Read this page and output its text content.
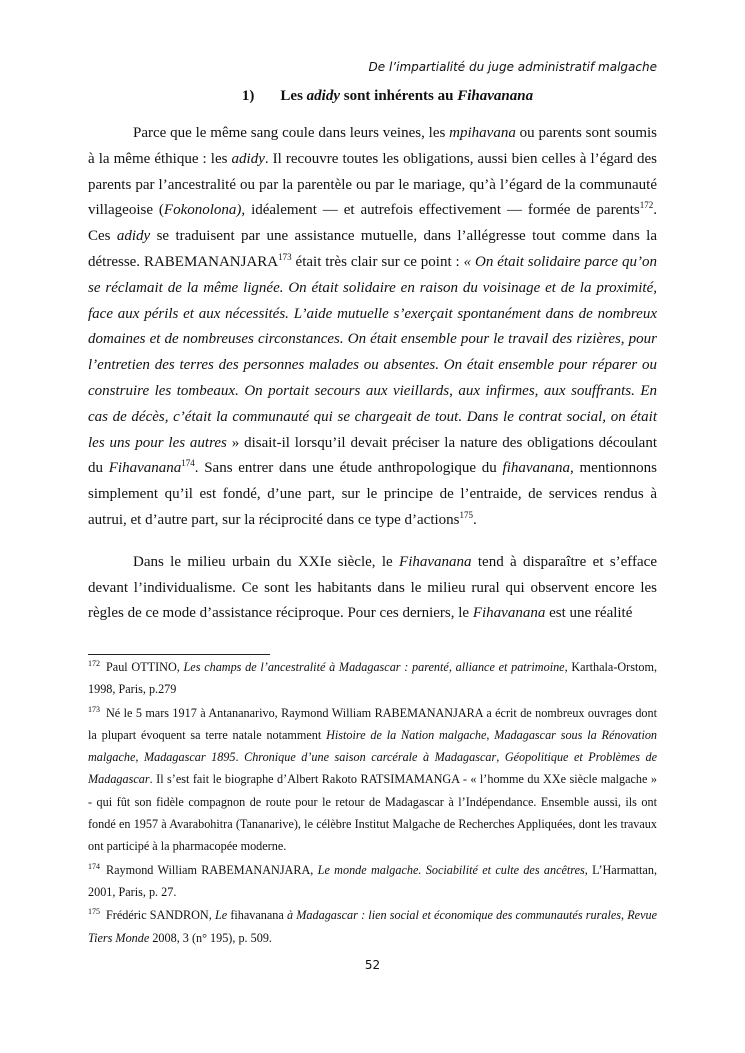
De l’impartialité du juge administratif malgache
1) Les adidy sont inhérents au Fihavanana

Parce que le même sang coule dans leurs veines, les mpihavana ou parents sont soumis à la même éthique : les adidy. Il recouvre toutes les obligations, aussi bien celles à l’égard des parents par l’ancestralité ou par la parentèle ou par le mariage, qu’à l’égard de la communauté villageoise (Fokonolona), idéalement — et autrefois effectivement — formée de parents$^{172}$. Ces adidy se traduisent par une assistance mutuelle, dans l’allégresse tout comme dans la détresse. RABEMANANJARA$^{173}$ était très clair sur ce point : « On était solidaire parce qu’on se réclamait de la même lignée. On était solidaire en raison du voisinage et de la proximité, face aux périls et aux nécessités. L’aide mutuelle s’exerçait spontanément dans de nombreux domaines et de nombreuses circonstances. On était ensemble pour le travail des rizières, pour l’entretien des terres des personnes malades ou absentes. On était ensemble pour réparer ou construire les tombeaux. On portait secours aux vieillards, aux infirmes, aux souffrants. En cas de décès, c’était la communauté qui se chargeait de tout. Dans le contrat social, on était les uns pour les autres » disait-il lorsqu’il devait préciser la nature des obligations découlant du Fihavanana$^{174}$. Sans entrer dans une étude anthropologique du fihavanana, mentionnons simplement qu’il est fondé, d’une part, sur le principe de l’entraide, de services rendus à autrui, et d’autre part, sur la réciprocité dans ce type d’actions$^{175}$.

Dans le milieu urbain du XXIe siècle, le Fihavanana tend à disparaître et s’efface devant l’individualisme. Ce sont les habitants dans le milieu rural qui observent encore les règles de ce mode d’assistance réciproque. Pour ces derniers, le Fihavanana est une réalité

$^{172}$ Paul OTTINO, Les champs de l’ancestralité à Madagascar : parenté, alliance et patrimoine, Karthala-Orstom, 1998, Paris, p.279

$^{173}$ Né le 5 mars 1917 à Antananarivo, Raymond William RABEMANANJARA a écrit de nombreux ouvrages dont la plupart évoquent sa terre natale notamment Histoire de la Nation malgache, Madagascar sous la Rénovation malgache, Madagascar 1895. Chronique d’une saison carcérale à Madagascar, Géopolitique et Problèmes de Madagascar. Il s’est fait le biographe d’Albert Rakoto RATSIMAMANGA - « l’homme du XXe siècle malgache » - qui fût son fidèle compagnon de route pour le retour de Madagascar à l’Indépendance. Ensemble aussi, ils ont fondé en 1957 à Avarabohitra (Tananarive), le célèbre Institut Malgache de Recherches Appliquées, dont les travaux ont participé à la pharmacopée moderne.

$^{174}$ Raymond William RABEMANANJARA, Le monde malgache. Sociabilité et culte des ancêtres, L’Harmattan, 2001, Paris, p. 27.

$^{175}$ Frédéric SANDRON, Le fihavanana à Madagascar : lien social et économique des communautés rurales, Revue Tiers Monde 2008, 3 (n° 195), p. 509.

52
